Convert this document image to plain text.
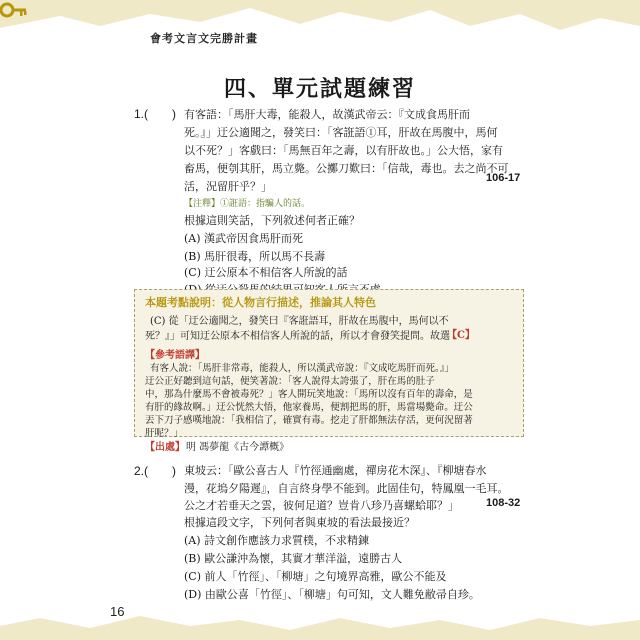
會考文言文完勝計畫
四、單元試題練習
1.(　　) 有客語：「馬肝大毒，能殺人，故漢武帝云：『文成食馬肝而
死。』」迂公適聞之，發笑曰：「客誑語①耳，肝故在馬腹中，馬何
以不死？」客戲曰：「馬無百年之壽，以有肝故也。」公大悟，家有
畜馬，便刳其肝，馬立斃。公擲刀歎曰：「信哉，毒也。去之尚不可
活，況留肝乎？」
106-17
【注釋】①誑語：指騙人的話。
根據這則笑話，下列敘述何者正確？
(A) 漢武帝因食馬肝而死
(B) 馬肝很毒，所以馬不長壽
(C) 迂公原本不相信客人所說的話
本題考點說明：從人物言行描述，推論其人特色
(C) 從「迂公適聞之，發笑曰『客誑語耳，肝故在馬腹中，馬何以不
死？』」可知迂公原本不相信客人所說的話，所以才會發笑提問。故選
【C】
【參考語譯】
有客人說：「馬肝非常毒，能殺人，所以漢武帝說：『文成吃馬肝而死。』」
迂公正好聽到這句話，便笑著說：「客人說得太誇張了，肝在馬的肚子
中，那為什麼馬不會被毒死？」客人開玩笑地說：「馬所以沒有百年的壽命，是
有肝的緣故啊。」迂公恍然大悟，他家養馬，便割把馬的肝，馬當場斃命。迂公
丟下刀子感嘆地說：「我相信了，確實有毒。挖走了肝都無法存活，更何況留著
肝呢？」
【出處】 明 馮夢龍《古今譚概》
2.(　　) 東坡云：「歐公喜古人『竹徑通幽處，禪房花木深』、『柳塘春水
漫，花塢夕陽遲』，自言終身學不能到。此固佳句，特鳳凰一毛耳。
公之才若垂天之雲，彼何足道？豈肯八珍乃喜螺蛤耶？」 108-32
根據這段文字，下列何者與東坡的看法最接近？
(A) 詩文創作應該力求質樸，不求精鍊
(B) 歐公謙沖為懷，其實才華洋溢，遠勝古人
(C) 前人「竹徑」、「柳塘」之句境界高雅，歐公不能及
(D) 由歐公喜「竹徑」、「柳塘」句可知，文人難免敝帚自珍。
16
